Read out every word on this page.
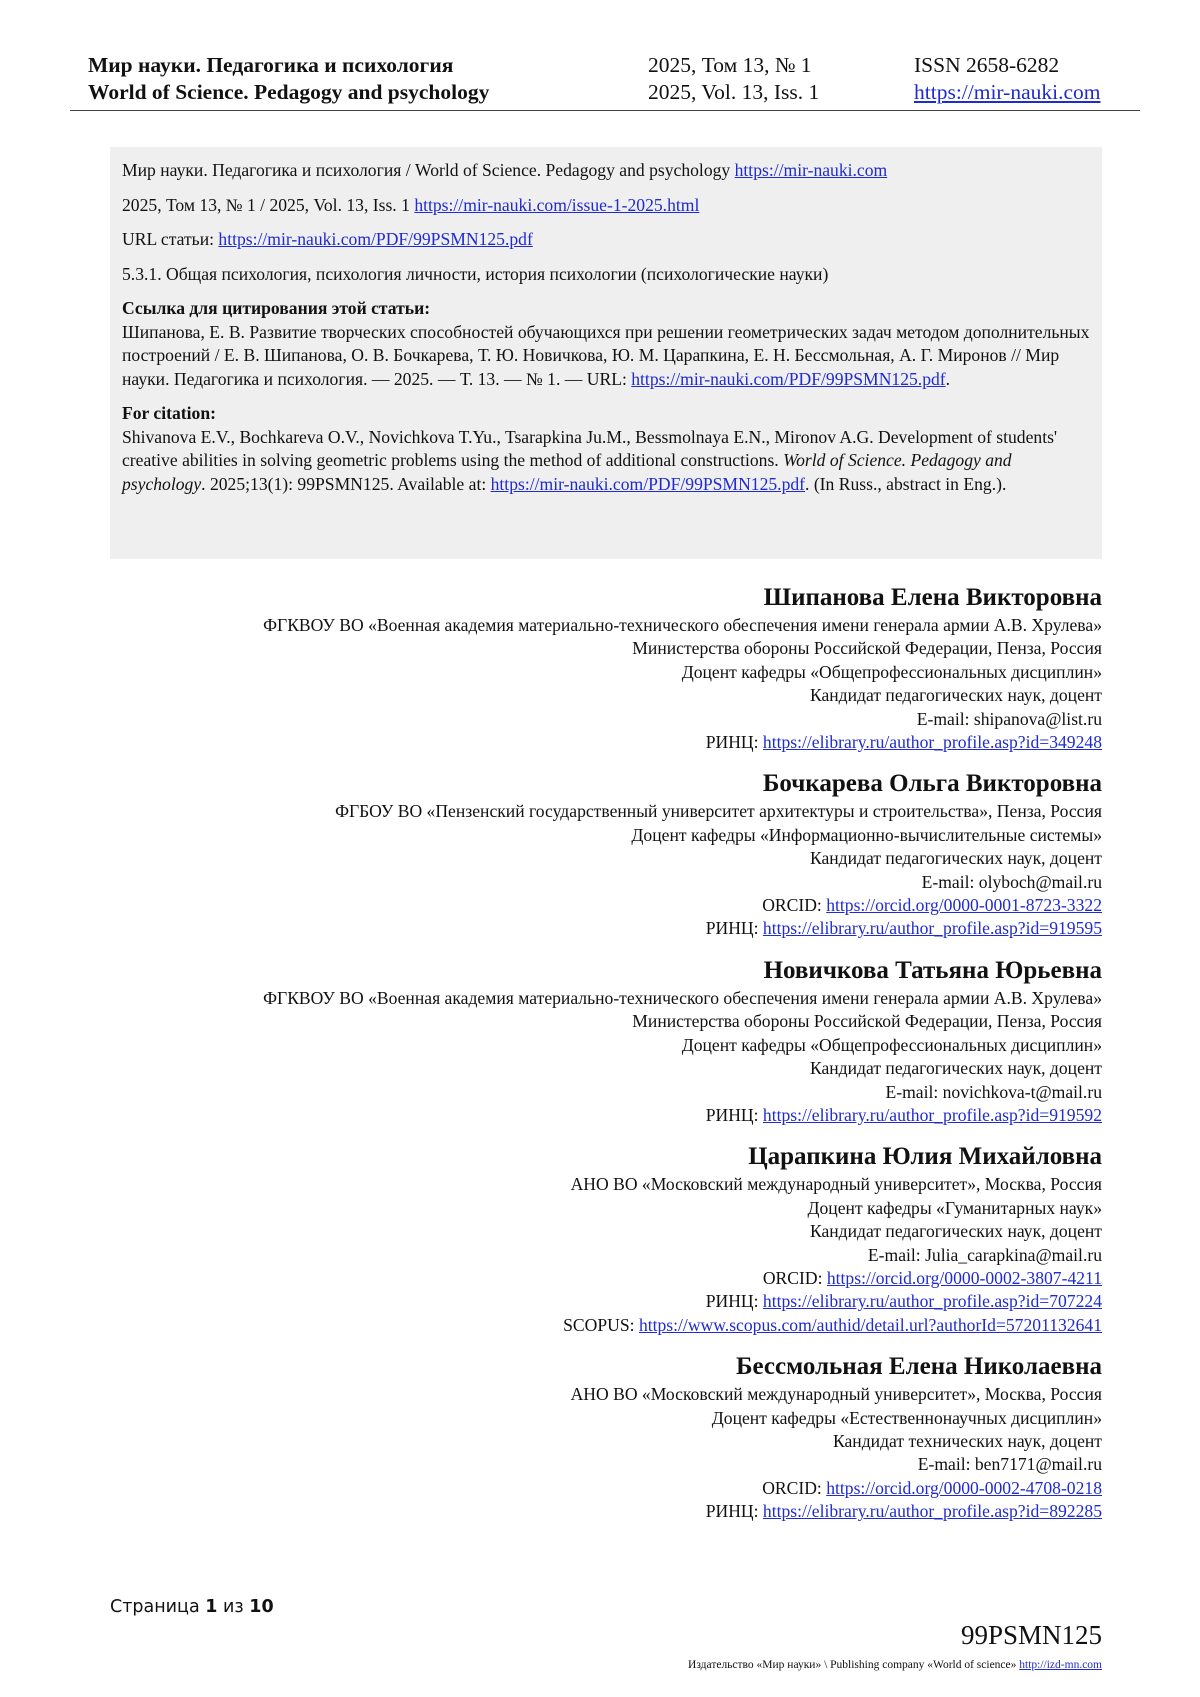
Мир науки. Педагогика и психология	2025, Том 13, № 1	ISSN 2658-6282
World of Science. Pedagogy and psychology	2025, Vol. 13, Iss. 1	https://mir-nauki.com

Мир науки. Педагогика и психология / World of Science. Pedagogy and psychology https://mir-nauki.com

2025, Том 13, № 1 / 2025, Vol. 13, Iss. 1 https://mir-nauki.com/issue-1-2025.html

URL статьи: https://mir-nauki.com/PDF/99PSMN125.pdf

5.3.1. Общая психология, психология личности, история психологии (психологические науки)

Ссылка для цитирования этой статьи:
Шипанова, Е. В. Развитие творческих способностей обучающихся при решении геометрических задач методом дополнительных построений / Е. В. Шипанова, О. В. Бочкарева, Т. Ю. Новичкова, Ю. М. Царапкина, Е. Н. Бессмольная, А. Г. Миронов // Мир науки. Педагогика и психология. — 2025. — Т. 13. — № 1. — URL: https://mir-nauki.com/PDF/99PSMN125.pdf.
For citation:
Shivanova E.V., Bochkareva O.V., Novichkova T.Yu., Tsarapkina Ju.M., Bessmolnaya E.N., Mironov A.G. Development of students' creative abilities in solving geometric problems using the method of additional constructions. World of Science. Pedagogy and psychology. 2025;13(1): 99PSMN125. Available at: https://mir-nauki.com/PDF/99PSMN125.pdf. (In Russ., abstract in Eng.).
Шипанова Елена Викторовна
ФГКВОУ ВО «Военная академия материально-технического обеспечения имени генерала армии А.В. Хрулева»
Министерства обороны Российской Федерации, Пенза, Россия
Доцент кафедры «Общепрофессиональных дисциплин»
Кандидат педагогических наук, доцент
E-mail: shipanova@list.ru
РИНЦ: https://elibrary.ru/author_profile.asp?id=349248
Бочкарева Ольга Викторовна
ФГБОУ ВО «Пензенский государственный университет архитектуры и строительства», Пенза, Россия
Доцент кафедры «Информационно-вычислительные системы»
Кандидат педагогических наук, доцент
E-mail: olyboch@mail.ru
ORCID: https://orcid.org/0000-0001-8723-3322
РИНЦ: https://elibrary.ru/author_profile.asp?id=919595
Новичкова Татьяна Юрьевна
ФГКВОУ ВО «Военная академия материально-технического обеспечения имени генерала армии А.В. Хрулева»
Министерства обороны Российской Федерации, Пенза, Россия
Доцент кафедры «Общепрофессиональных дисциплин»
Кандидат педагогических наук, доцент
E-mail: novichkova-t@mail.ru
РИНЦ: https://elibrary.ru/author_profile.asp?id=919592
Царапкина Юлия Михайловна
АНО ВО «Московский международный университет», Москва, Россия
Доцент кафедры «Гуманитарных наук»
Кандидат педагогических наук, доцент
E-mail: Julia_carapkina@mail.ru
ORCID: https://orcid.org/0000-0002-3807-4211
РИНЦ: https://elibrary.ru/author_profile.asp?id=707224
SCOPUS: https://www.scopus.com/authid/detail.url?authorId=57201132641
Бессмольная Елена Николаевна
АНО ВО «Московский международный университет», Москва, Россия
Доцент кафедры «Естественнонаучных дисциплин»
Кандидат технических наук, доцент
E-mail: ben7171@mail.ru
ORCID: https://orcid.org/0000-0002-4708-0218
РИНЦ: https://elibrary.ru/author_profile.asp?id=892285
Страница 1 из 10
99PSMN125
Издательство «Мир науки» \ Publishing company «World of science» http://izd-mn.com
